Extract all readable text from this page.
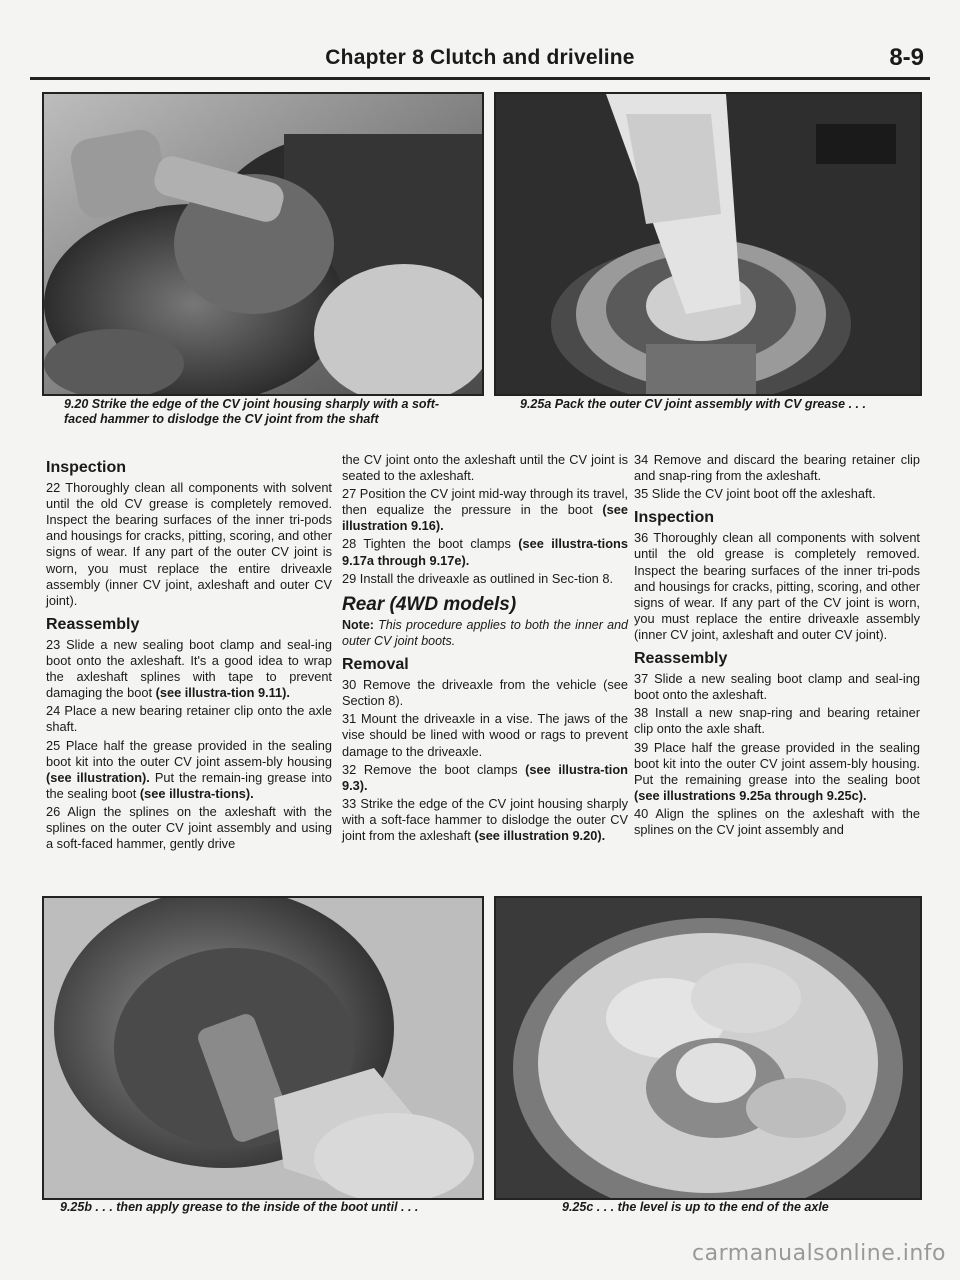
Chapter 8 Clutch and driveline	8-9
9.20 Strike the edge of the CV joint housing sharply with a soft-faced hammer to dislodge the CV joint from the shaft
9.25a Pack the outer CV joint assembly with CV grease . . .
Inspection

22 Thoroughly clean all components with solvent until the old CV grease is completely removed. Inspect the bearing surfaces of the inner tri-pods and housings for cracks, pitting, scoring, and other signs of wear. If any part of the outer CV joint is worn, you must replace the entire driveaxle assembly (inner CV joint, axleshaft and outer CV joint).

Reassembly

23 Slide a new sealing boot clamp and seal-ing boot onto the axleshaft. It's a good idea to wrap the axleshaft splines with tape to prevent damaging the boot (see illustra-tion 9.11).

24 Place a new bearing retainer clip onto the axle shaft.

25 Place half the grease provided in the sealing boot kit into the outer CV joint assem-bly housing (see illustration). Put the remain-ing grease into the sealing boot (see illustra-tions).

26 Align the splines on the axleshaft with the splines on the outer CV joint assembly and using a soft-faced hammer, gently drive

the CV joint onto the axleshaft until the CV joint is seated to the axleshaft.

27 Position the CV joint mid-way through its travel, then equalize the pressure in the boot (see illustration 9.16).

28 Tighten the boot clamps (see illustra-tions 9.17a through 9.17e).

29 Install the driveaxle as outlined in Sec-tion 8.

Rear (4WD models)

Note: This procedure applies to both the inner and outer CV joint boots.

Removal

30 Remove the driveaxle from the vehicle (see Section 8).

31 Mount the driveaxle in a vise. The jaws of the vise should be lined with wood or rags to prevent damage to the driveaxle.

32 Remove the boot clamps (see illustra-tion 9.3).

33 Strike the edge of the CV joint housing sharply with a soft-face hammer to dislodge the outer CV joint from the axleshaft (see illustration 9.20).

34 Remove and discard the bearing retainer clip and snap-ring from the axleshaft.

35 Slide the CV joint boot off the axleshaft.

Inspection

36 Thoroughly clean all components with solvent until the old grease is completely removed. Inspect the bearing surfaces of the inner tri-pods and housings for cracks, pitting, scoring, and other signs of wear. If any part of the CV joint is worn, you must replace the entire driveaxle assembly (inner CV joint, axleshaft and outer CV joint).

Reassembly

37 Slide a new sealing boot clamp and seal-ing boot onto the axleshaft.

38 Install a new snap-ring and bearing retainer clip onto the axle shaft.

39 Place half the grease provided in the sealing boot kit into the outer CV joint assem-bly housing. Put the remaining grease into the sealing boot (see illustrations 9.25a through 9.25c).

40 Align the splines on the axleshaft with the splines on the CV joint assembly and

9.25b . . . then apply grease to the inside of the boot until . . .	9.25c . . . the level is up to the end of the axle
carmanualsonline.info
